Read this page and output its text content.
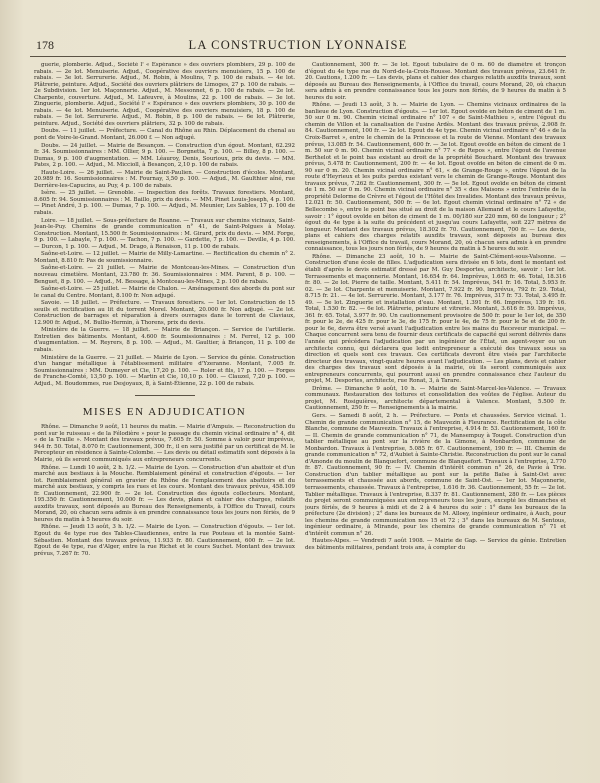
178	LA CONSTRUCTION LYONNAISE

guerie, plomberie. Adjud., Société l' « Espérance » des ouvriers plombiers, 29 p. 100 de rabais. — 2e lot. Menuiserie. Adjud., Coopérative des ouvriers menuisiers, 15 p. 100 de rabais. — 3e lot. Serrurerie. Adjud., M. Robin, à Moulins, 7 p. 100 de rabais. — 4e lot. Plâtrerie, peinture. Adjud., Société des ouvriers plâtriers de Limoges, 27 p. 100 de rabais. — 2e Subdivision. 1er lot. Maçonnerie. Adjud., M. Messonnet, 6 p. 100 de rabais. — 2e lot. Charpente, couverture. Adjud., M. Lafeuvre, à Moulins, 22 p. 100 de rabais. — 3e lot. Zinguerie, plomberie. Adjud., Société l' « Espérance » des ouvriers plombiers, 30 p. 100 de rabais. — 4e lot. Menuiserie. Adjud., Coopérative des ouvriers menuisiers, 18 p. 100 de rabais. — 5e lot. Serrurerie. Adjud., M. Robin, 8 p. 100 de rabais. — 6e lot. Plâtrerie, peinture. Adjud., Société des ouvriers plâtriers, 32 p. 100 de rabais.

Doubs. — 11 juillet. — Préfecture. — Canal du Rhône au Rhin. Déplacement du chenal au pont de Voire-le-Grand. Montant, 26.000 f. — Non adjugé.

Doubs. — 24 juillet. — Mairie de Besançon. — Construction d'un égout. Montant, 62.292 fr. 34. Soumissionnaires : MM. Ollier, 9 p. 100. — Borgnetta, 7 p. 100. — Billey, 8 p. 100. — Dumas, 9 p. 100 d'augmentation. — MM. Léauroy, Denis, Sourioux, prix du devis. — MM. Pates, 2 p. 100. — Adjud., M. Miccioll, à Besançon, 2,10 p. 100 de rabais.

Haute-Loire. — 26 juillet. — Mairie de Saint-Paulien. — Construction d'écoles. Montant, 20.989 fr. 16. Soumissionnaires : M. Fournay, 3,50 p. 100. — Adjud., M. Gaulthier aîné, rue Derrière-les-Capucins, au Puy, 4 p. 100 de rabais.

Isère. — 25 juillet. — Grenoble. — Inspection des forêts. Travaux forestiers. Montant, 8.605 fr. 94. Soumissionnaires : M. Baillo, prix du devis. — MM. Pinet Louis-Joseph, 4 p. 100. — Pinet André, 3 p. 100. — Dumas, 7 p. 100. — Adjud., M. Meunier, Les Sables, 17 p. 100 de rabais.

Loire. — 18 juillet. — Sous-préfecture de Roanne. — Travaux sur chemins vicinaux, Saint-Jean-le-Puy. Chemins de grande communication n° 41, de Saint-Polgues à Molay. Construction. Montant, 15.500 fr. Soumissionnaires : M. Girard, prix du devis. — MM. Forge, 9 p. 100. — Labayle, 7 p. 100. — Tachon, 7 p. 100. — Gardette, 7 p. 100. — Deville, 4 p. 100. — Durcon, 1 p. 100. — Adjud., M. Drago, à Renaison, 11 p. 100 de rabais.

Saône-et-Loire. — 12 juillet. — Mairie de Milly-Lamartine. — Rectification du chemin n° 2. Montant, 8.810 fr. Pas de soumissionnaire.

Saône-et-Loire. — 21 juillet. — Mairie de Montceau-les-Mines. — Construction d'un nouveau cimetière. Montant, 23.780 fr. 36. Soumissionnaires : MM. Parent, 8 p. 100. — Benguet, 8 p. 100. — Adjud., M. Bessage, à Montceau-les-Mines, 2 p. 100 de rabais.

Saône-et-Loire. — 25 juillet. — Mairie de Chalon. — Aménagement des abords du pont sur le canal du Centre. Montant, 8.100 fr. Non adjugé.

Savoie. — 18 juillet. — Préfecture. — Travaux forestiers. — 1er lot. Construction de 15 seuils et rectification au lit du torrent Morel. Montant, 20.000 fr. Non adjugé. — 2e lot. Construction de barrages et réparation à divers ouvrages dans le torrent de Claviaux, 12.900 fr. Adjud., M. Bullio-Hermin, à Thorens, prix du devis.

Ministère de la Guerre. — 18 juillet. — Mairie de Briançon. — Service de l'artillerie. Entretien des bâtiments. Montant, 4.600 fr. Soumissionnaires : M. Ferrel, 12 p. 100 d'augmentation. — M. Reyrers, 8 p. 100. — Adjud., M. Gaultier, à Briançon, 11 p. 100 de rabais.

Ministère de la Guerre. — 21 juillet. — Mairie de Lyon. — Service du génie. Construction d'un hangar métallique à l'établissement militaire d'Yzeranne. Montant, 7.005 fr. Soumissionnaires : MM. Dumeyer et Cie, 17,20 p. 100. — Roler et fils, 17 p. 100. — Forges de Franche-Comté, 13,50 p. 100. — Martin et Cie, 10,10 p. 100. — Clauzel, 7,20 p. 100. — Adjud., M. Boudommes, rue Desjoyaux, 8, à Saint-Étienne, 22 p. 100 de rabais.

MISES EN ADJUDICATION

Rhône. — Dimanche 9 août, 11 heures du matin. — Mairie d'Ampuis. — Reconstruction du pont sur le ruisseau « de la Félodière » pour le passage du chemin vicinal ordinaire n° 4, dit « de la Traille ». Montant des travaux prévus, 7.605 fr. 50. Somme à valoir pour imprévus, 944 fr. 50. Total, 8.070 fr. Cautionnement, 300 fr., il en sera justifié par un certificat de M. le Percepteur en résidence à Sainte-Colombe. — Les devis ou détail estimatifs sont déposés à la Mairie, où ils seront communiqués aux entrepreneurs concurrents.

Rhône. — Lundi 10 août, 2 h. 1/2. — Mairie de Lyon. — Construction d'un abattoir et d'un marché aux bestiaux à la Mouche. Remblaiement général et construction d'égouts. — 1er lot. Remblaiement général en gravier du Rhône de l'emplacement des abattoirs et du marché aux bestiaux, y compris les rues et les cours. Montant des travaux prévus, 458.109 fr. Cautionnement, 22.900 fr. — 2e lot. Construction des égouts collecteurs. Montant, 195.350 fr. Cautionnement, 10.000 fr. — Les devis, plans et cahier des charges, relatifs auxdits travaux, sont déposés au Bureau des Renseignements, à l'Office du Travail, cours Morand, 20, où chacun sera admis à en prendre connaissance tous les jours non fériés, de 9 heures du matin à 5 heures du soir.

Rhône. — Jeudi 13 août, 3 h. 1/2. — Mairie de Lyon. — Construction d'égouts. — 1er lot. Egout du 4e type rue des Tables-Claudiennes, entre la rue Pouteau et la montée Saint-Sébastien. Montant des travaux prévus, 11.933 fr. 80. Cautionnement, 600 fr. — 2e lot. Egout de 4e type, rue d'Alger, entre la rue Richet et le cours Suchet. Montant des travaux prévus, 7.267 fr. 70.

Cautionnement, 300 fr. — 3e lot. Egout tubulaire de 0 m. 60 de diamètre et tronçon d'égout du 4e type rue du Nord-de-la-Croix-Rousse. Montant des travaux prévus, 23.641 fr. 20. Cautions, 1.200 fr. — Les devis, plans et cahier des charges relatifs auxdits travaux, sont déposés au Bureau des Renseignements, à l'Office du travail, cours Morand, 20, où chacun sera admis à en prendre connaissance tous les jours non fériés, de 9 heures du matin à 5 heures du soir.

Rhône. — Jeudi 13 août, 3 h. — Mairie de Lyon. — Chemins vicinaux ordinaires de la banlieue de Lyon. Construction d'égouts. — 1er lot. Egout ovoïde en béton de ciment de 1 m. 50 sur 0 m. 90. Chemin vicinal ordinaire n° 107 « de Saint-Mathieu », entre l'égout du chemin de Villon et la canalisation de l'usine Ardès. Montant des travaux prévus, 2.908 fr. 84. Cautionnement, 100 fr. — 2e lot. Egout du 4e type. Chemin vicinal ordinaire n° 46 « de la Croix-Barret », entre le chemin de la Princesse et la route de Vienne. Montant des travaux prévus, 13.085 fr. 54. Cautionnement, 600 fr. — 3e lot. Egout ovoïde en béton de ciment de 1 m. 50 sur 0 m. 90. Chemin vicinal ordinaire n° 77 « de Repos », entre l'égout de l'avenue Berthelot et le point bas existant au droit de la propriété Bouchard. Montant des travaux prévus, 5.478 fr. Cautionnement, 200 fr. — 4e lot. Egout ovoïde en béton de ciment de 0 m. 90 sur 0 m. 20. Chemin vicinal ordinaire n° 61, « de Grange-Rouge », entre l'égout de la route d'Heyrieux et les puits perdus existant vers le chemin de Grange-Rouge. Montant des travaux prévus, 7.262 fr. Cautionnement, 300 fr. — 5e lot. Egout ovoïde en béton de ciment de 1 m. 50 sur 0 m. 90. Chemin vicinal ordinaire n° 35 « des Maisons » entre l'entrée de la propriété Delorme de Crèvre et l'égout de l'Hôtel des Invalides. Montant des travaux prévus, 12.021 fr. 50. Cautionnement, 500 fr. — 6e lot. Egout chemin vicinal ordinaire n° 72 « de Bellecombe », entre le point bas situé au droit de la maison Allemand et le cours Lafayette, savoir : 1° égout ovoïde en béton de ciment de 1 m. 00/180 sur 220 mm, 60 de longueur ; 2° égout du 4e type à la suite du précédent et jusqu'au cours Lafayette, soit 227 mètres de longueur. Montant des travaux prévus, 18.302 fr. 70. Cautionnement, 700 fr. — Les devis, plans et cahiers des charges relatifs auxdits travaux, sont déposés au bureau des renseignements, à l'Office du travail, cours Morand, 20, où chacun sera admis à en prendre connaissance, tous les jours non fériés, de 9 heures du matin à 5 heures du soir.

Rhône. — Dimanche 23 août, 10 h. — Mairie de Saint-Clément-sous-Valsonne. — Construction d'une école de filles. L'adjudication sera divisée en 6 lots, dont le montant est établi d'après le devis estimatif dressé par M. Guy Desportes, architecte, savoir : 1er lot. Terrassements et maçonnerie. Montant, 16.654 fr. 64. Imprévus, 1.665 fr. 46. Total, 18.316 fr. 80. — 2e lot. Pierre de taille. Montant, 5.411 fr. 54. Imprévus, 541 fr. 16. Total, 5.953 fr. 02. — 3e lot. Charpente et menuiserie. Montant, 7.922 fr. 90. Imprévus, 792 fr. 29. Total, 8.715 fr. 21. — 4e lot. Serrurerie. Montant, 3.177 fr. 76. Imprévus, 317 fr. 73. Total, 3.495 fr. 49. — 5e lot. Zinguerie et installation d'eau. Montant, 1.391 fr. 66. Imprévus, 139 fr. 16. Total, 1.530 fr. 82. — 6e lot. Plâtrerie, peinture et vitrerie. Montant, 3.616 fr. 59. Imprévus, 361 fr. 65. Total, 3.977 fr. 90. Un cautionnement provisoire de 500 fr. pour le 1er lot, de 350 fr. pour le 2e, de 425 fr. pour le 3e, de 175 fr. pour le 4e, de 75 fr. pour le 5e et de 200 fr. pour le 6e, devra être versé avant l'adjudication entre les mains du Receveur municipal. — Chaque concurrent sera tenu de fournir deux certificats de capacité qui seront délivrés dans l'année qui précédera l'adjudication par un ingénieur de l'État, un agent-voyer ou un architecte connu, qui déclarera que ledit entrepreneur a exécuté des travaux sous sa direction et quels sont ces travaux. Ces certificats devront être visés par l'architecte directeur des travaux, vingt-quatre heures avant l'adjudication. — Les plans, devis et cahier des charges des travaux sont déposés à la mairie, où ils seront communiqués aux entrepreneurs concurrents, qui pourront aussi en prendre connaissance chez l'auteur du projet, M. Desportes, architecte, rue Ronat, 3, à Tarare.

Drôme. — Dimanche 9 août, 10 h. — Mairie de Saint-Marcel-les-Valence. — Travaux communaux. Restauration des toitures et consolidation des voûtes de l'église. Auteur du projet, M. Rosiguières, architecte départemental à Valence. Montant, 5.500 fr. Cautionnement, 250 fr. — Renseignements à la mairie.

Gers. — Samedi 8 août, 2 h. — Préfecture. — Ponts et chaussées. Service vicinal. 1. Chemin de grande communication n° 15, de Mauvezin à Fleurance. Rectification de la côte Blanche, commune de Mauvezin. Travaux à l'entreprise, 4.914 fr. 53. Cautionnement, 160 fr. — II. Chemin de grande communication n° 71, de Mansempuy à Touget. Construction d'un tablier métallique au pont sur la rivière de la Gimone, à Monbardon, commune de Monbardon. Travaux à l'entreprise, 5.085 fr. 67. Cautionnement, 190 fr. — III. Chemin de grande communication n° 72, d'Aubiet à Sainte-Christie. Reconstruction du pont sur le canal d'Amonde du moulin de Blanquefort, commune de Blanquefort. Travaux à l'entreprise, 2.770 fr. 87. Cautionnement, 90 fr. — IV. Chemin d'intérêt commun n° 26, de Pavie à Trie. Construction d'un tablier métallique au pont sur la petite Baïse à Saint-Ost avec terrassements et chaussée aux abords, commune de Saint-Ost. — 1er lot. Maçonnerie, terrassements, chaussée. Travaux à l'entreprise, 1.616 fr. 36. Cautionnement, 55 fr. — 2e lot. Tablier métallique. Travaux à l'entreprise, 8.337 fr. 81. Cautionnement, 280 fr. — Les pièces du projet seront communiquées aux entrepreneurs tous les jours, excepté les dimanches et jours fériés, de 9 heures à midi et de 2 à 4 heures du soir : 1° dans les bureaux de la préfecture (2e division) ; 2° dans les bureaux de M. Alloey, ingénieur ordinaire, à Auch, pour les chemins de grande communication nos 15 et 72 ; 3° dans les bureaux de M. Sentous, ingénieur ordinaire, à Mirande, pour les chemins de grande communication n° 71 et d'intérêt commun n° 26.

Hautes-Alpes. — Vendredi 7 août 1908. — Mairie de Gap. — Service du génie. Entretien des bâtiments militaires, pendant trois ans, à compter du
